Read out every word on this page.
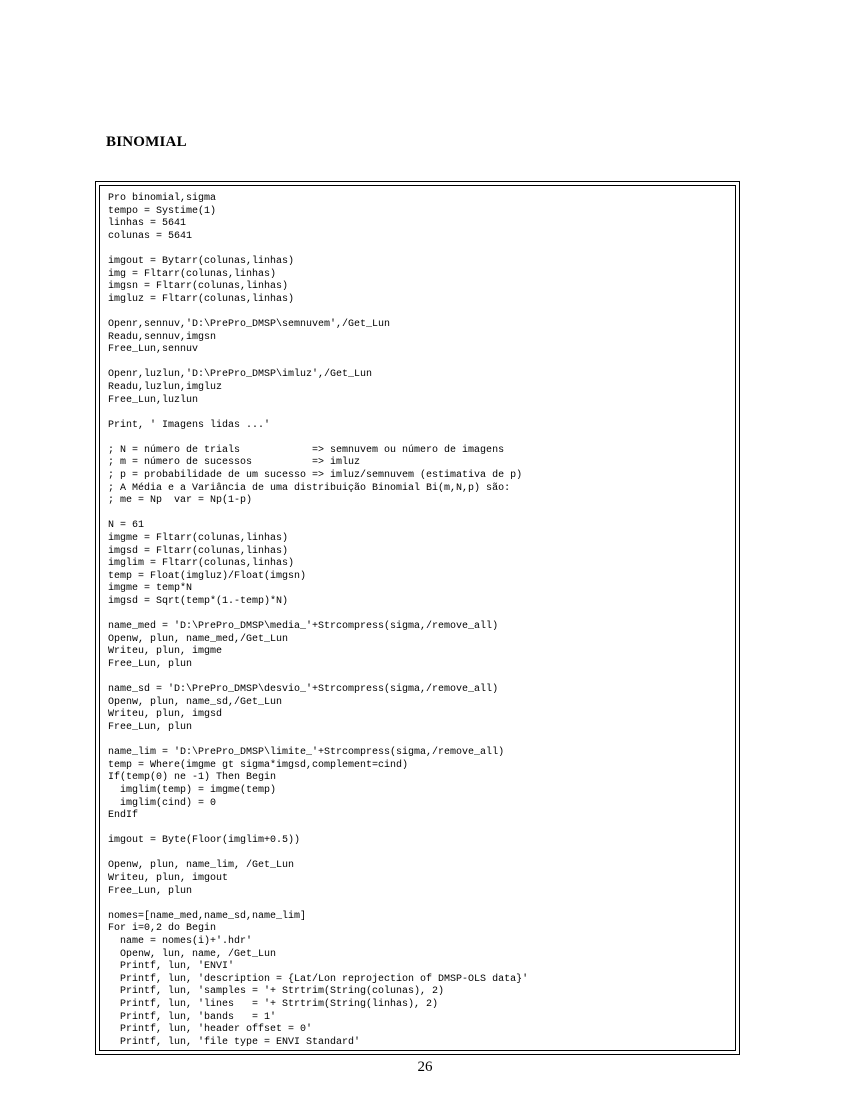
BINOMIAL
Pro binomial,sigma
tempo = Systime(1)
linhas = 5641
colunas = 5641
imgout = Bytarr(colunas,linhas)
img = Fltarr(colunas,linhas)
imgsn = Fltarr(colunas,linhas)
imgluz = Fltarr(colunas,linhas)
Openr,sennuv,'D:\PrePro_DMSP\semnuvem',/Get_Lun
Readu,sennuv,imgsn
Free_Lun,sennuv
Openr,luzlun,'D:\PrePro_DMSP\imluz',/Get_Lun
Readu,luzlun,imgluz
Free_Lun,luzlun
Print, ' Imagens lidas ...'
; N = número de trials            => semnuvem ou número de imagens
; m = número de sucessos          => imluz
; p = probabilidade de um sucesso => imluz/semnuvem (estimativa de p)
; A Média e a Variância de uma distribuição Binomial Bi(m,N,p) são:
; me = Np  var = Np(1-p)
N = 61
imgme = Fltarr(colunas,linhas)
imgsd = Fltarr(colunas,linhas)
imglim = Fltarr(colunas,linhas)
temp = Float(imgluz)/Float(imgsn)
imgme = temp*N
imgsd = Sqrt(temp*(1.-temp)*N)
name_med = 'D:\PrePro_DMSP\media_'+Strcompress(sigma,/remove_all)
Openw, plun, name_med,/Get_Lun
Writeu, plun, imgme
Free_Lun, plun
name_sd = 'D:\PrePro_DMSP\desvio_'+Strcompress(sigma,/remove_all)
Openw, plun, name_sd,/Get_Lun
Writeu, plun, imgsd
Free_Lun, plun
name_lim = 'D:\PrePro_DMSP\limite_'+Strcompress(sigma,/remove_all)
temp = Where(imgme gt sigma*imgsd,complement=cind)
If(temp(0) ne -1) Then Begin
imglim(temp) = imgme(temp)
imglim(cind) = 0
EndIf
imgout = Byte(Floor(imglim+0.5))
Openw, plun, name_lim, /Get_Lun
Writeu, plun, imgout
Free_Lun, plun
nomes=[name_med,name_sd,name_lim]
For i=0,2 do Begin
name = nomes(i)+'.hdr'
Openw, lun, name, /Get_Lun
Printf, lun, 'ENVI'
Printf, lun, 'description = {Lat/Lon reprojection of DMSP-OLS data}'
Printf, lun, 'samples = '+ Strtrim(String(colunas), 2)
Printf, lun, 'lines   = '+ Strtrim(String(linhas), 2)
Printf, lun, 'bands   = 1'
Printf, lun, 'header offset = 0'
Printf, lun, 'file type = ENVI Standard'
26
